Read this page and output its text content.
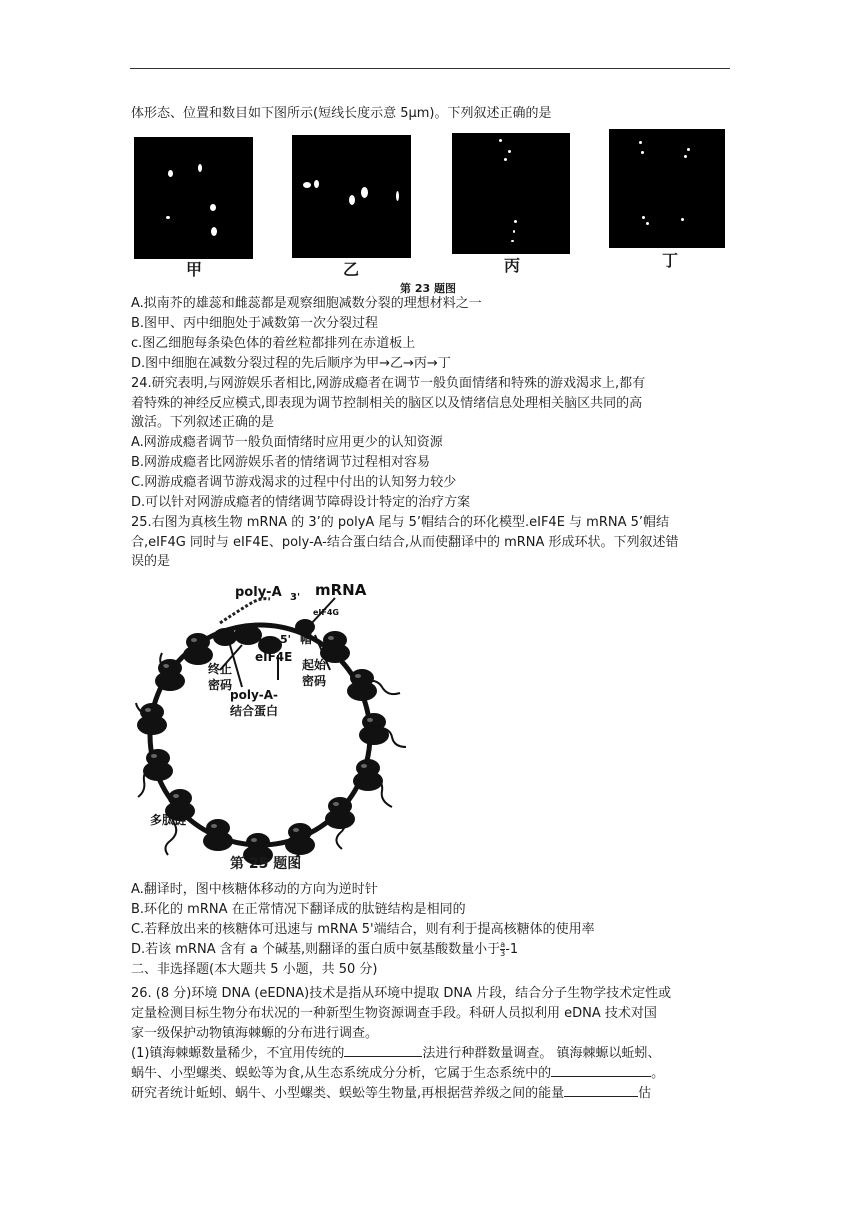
体形态、位置和数目如下图所示(短线长度示意 5μm)。下列叙述正确的是
甲	乙	丙	丁
第 23 题图
A.拟南芥的雄蕊和雌蕊都是观察细胞减数分裂的理想材料之一
B.图甲、丙中细胞处于减数第一次分裂过程
c.图乙细胞每条染色体的着丝粒都排列在赤道板上
D.图中细胞在减数分裂过程的先后顺序为甲→乙→丙→丁
24.研究表明,与网游娱乐者相比,网游成瘾者在调节一般负面情绪和特殊的游戏渴求上,都有
着特殊的神经反应模式,即表现为调节控制相关的脑区以及情绪信息处理相关脑区共同的高
激活。下列叙述正确的是
A.网游成瘾者调节一般负面情绪时应用更少的认知资源
B.网游成瘾者比网游娱乐者的情绪调节过程相对容易
C.网游成瘾者调节游戏渴求的过程中付出的认知努力较少
D.可以针对网游成瘾者的情绪调节障碍设计特定的治疗方案
25.右图为真核生物 mRNA 的 3’的 polyA 尾与 5’帽结合的环化模型.eIF4E 与 mRNA 5’帽结
合,eIF4G 同时与 eIF4E、poly-A-结合蛋白结合,从而使翻译中的 mRNA 形成环状。下列叙述错
误的是
poly-A 3' mRNA
eIF4G
5' 5' 帽
eIF4E
终止
密码
起始
密码
poly-A-
结合蛋白
多肽链
第 25 题图
A.翻译时，图中核糖体移动的方向为逆时针
B.环化的 mRNA 在正常情况下翻译成的肽链结构是相同的
C.若释放出来的核糖体可迅速与 mRNA 5'端结合，则有利于提高核糖体的使用率
D.若该 mRNA 含有 a 个碱基,则翻译的蛋白质中氨基酸数量小于 $\frac{a}{3} -1$
二、非选择题(本大题共 5 小题，共 50 分)
26. (8 分)环境 DNA (eEDNA)技术是指从环境中提取 DNA 片段，结合分子生物学技术定性或
定量检测目标生物分布状况的一种新型生物资源调查手段。科研人员拟利用 eDNA 技术对国
家一级保护动物镇海棘螈的分布进行调查。
(1)镇海棘螈数量稀少，不宜用传统的	法进行种群数量调查。 镇海棘螈以蚯蚓、
蜗牛、小型螺类、蜈蚣等为食,从生态系统成分分析，它属于生态系统中的	。
研究者统计蚯蚓、蜗牛、小型螺类、蜈蚣等生物量,再根据营养级之间的能量	估
